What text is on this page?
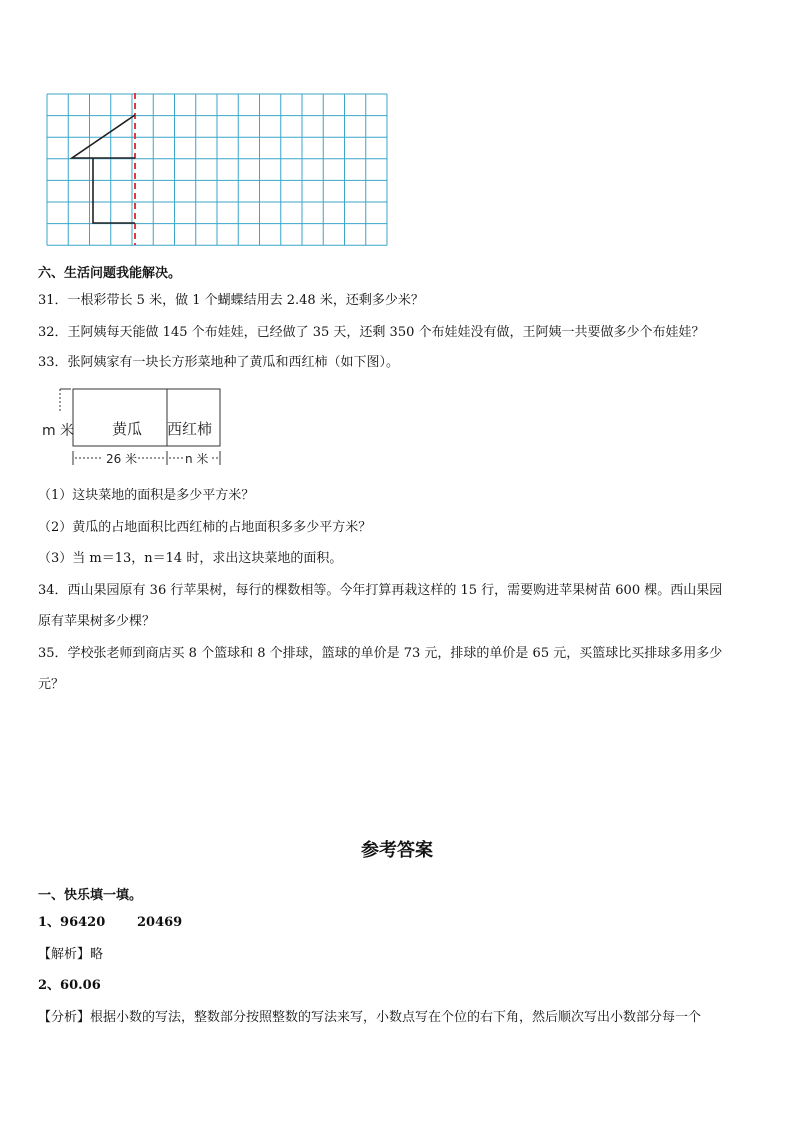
六、生活问题我能解决。
31．一根彩带长 5 米，做 1 个蝴蝶结用去 2.48 米，还剩多少米？
32．王阿姨每天能做 145 个布娃娃，已经做了 35 天，还剩 350 个布娃娃没有做，王阿姨一共要做多少个布娃娃？
33．张阿姨家有一块长方形菜地种了黄瓜和西红柿（如下图）。
m 米	黄瓜 西红柿
26 米	n 米
（1）这块菜地的面积是多少平方米？
（2）黄瓜的占地面积比西红柿的占地面积多多少平方米？
（3）当 m＝13，n＝14 时，求出这块菜地的面积。
34．西山果园原有 36 行苹果树，每行的棵数相等。今年打算再栽这样的 15 行，需要购进苹果树苗 600 棵。西山果园
原有苹果树多少棵？
35．学校张老师到商店买 8 个篮球和 8 个排球，篮球的单价是 73 元，排球的单价是 65 元，买篮球比买排球多用多少
元？
参考答案
一、快乐填一填。
1、96420 20469
【解析】略
2、60.06
【分析】根据小数的写法，整数部分按照整数的写法来写，小数点写在个位的右下角，然后顺次写出小数部分每一个
